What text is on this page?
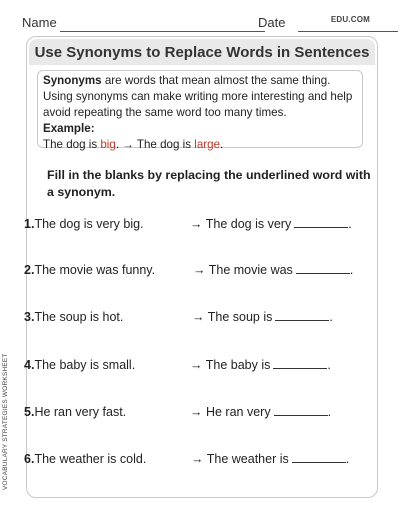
Name	Date	EDU.COM
Use Synonyms to Replace Words in Sentences
Synonyms are words that mean almost the same thing.
Using synonyms can make writing more interesting and help
avoid repeating the same word too many times.
Example:
The dog is big. → The dog is large.
Fill in the blanks by replacing the underlined word with a synonym.
1.The dog is very big.	→ The dog is very	.
2.The movie was funny.	→ The movie was	.
3.The soup is hot.	→ The soup is	.
4.The baby is small.	→ The baby is	.
5.He ran very fast.	→ He ran very	.
6.The weather is cold.	→ The weather is	.
VOCABULARY STRATEGIES WORKSHEET
